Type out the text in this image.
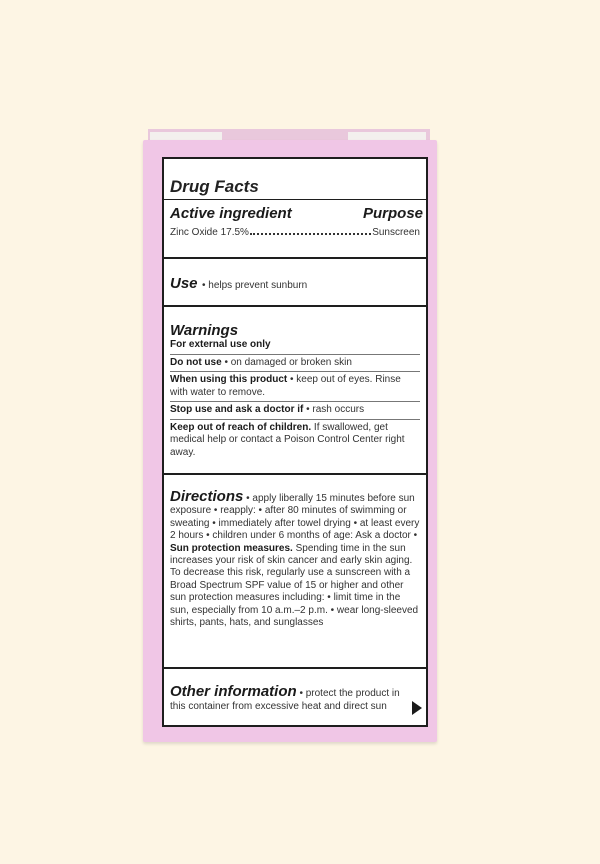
Drug Facts
Active ingredient	Purpose
Zinc Oxide 17.5%	Sunscreen
Use • helps prevent sunburn
Warnings
For external use only
Do not use • on damaged or broken skin
When using this product • keep out of eyes. Rinse with water to remove.
Stop use and ask a doctor if • rash occurs
Keep out of reach of children. If swallowed, get medical help or contact a Poison Control Center right away.
Directions • apply liberally 15 minutes before sun exposure • reapply: • after 80 minutes of swimming or sweating • immediately after towel drying • at least every 2 hours • children under 6 months of age: Ask a doctor • Sun protection measures. Spending time in the sun increases your risk of skin cancer and early skin aging. To decrease this risk, regularly use a sunscreen with a Broad Spectrum SPF value of 15 or higher and other sun protection measures including: • limit time in the sun, especially from 10 a.m.–2 p.m. • wear long-sleeved shirts, pants, hats, and sunglasses
Other information • protect the product in this container from excessive heat and direct sun
